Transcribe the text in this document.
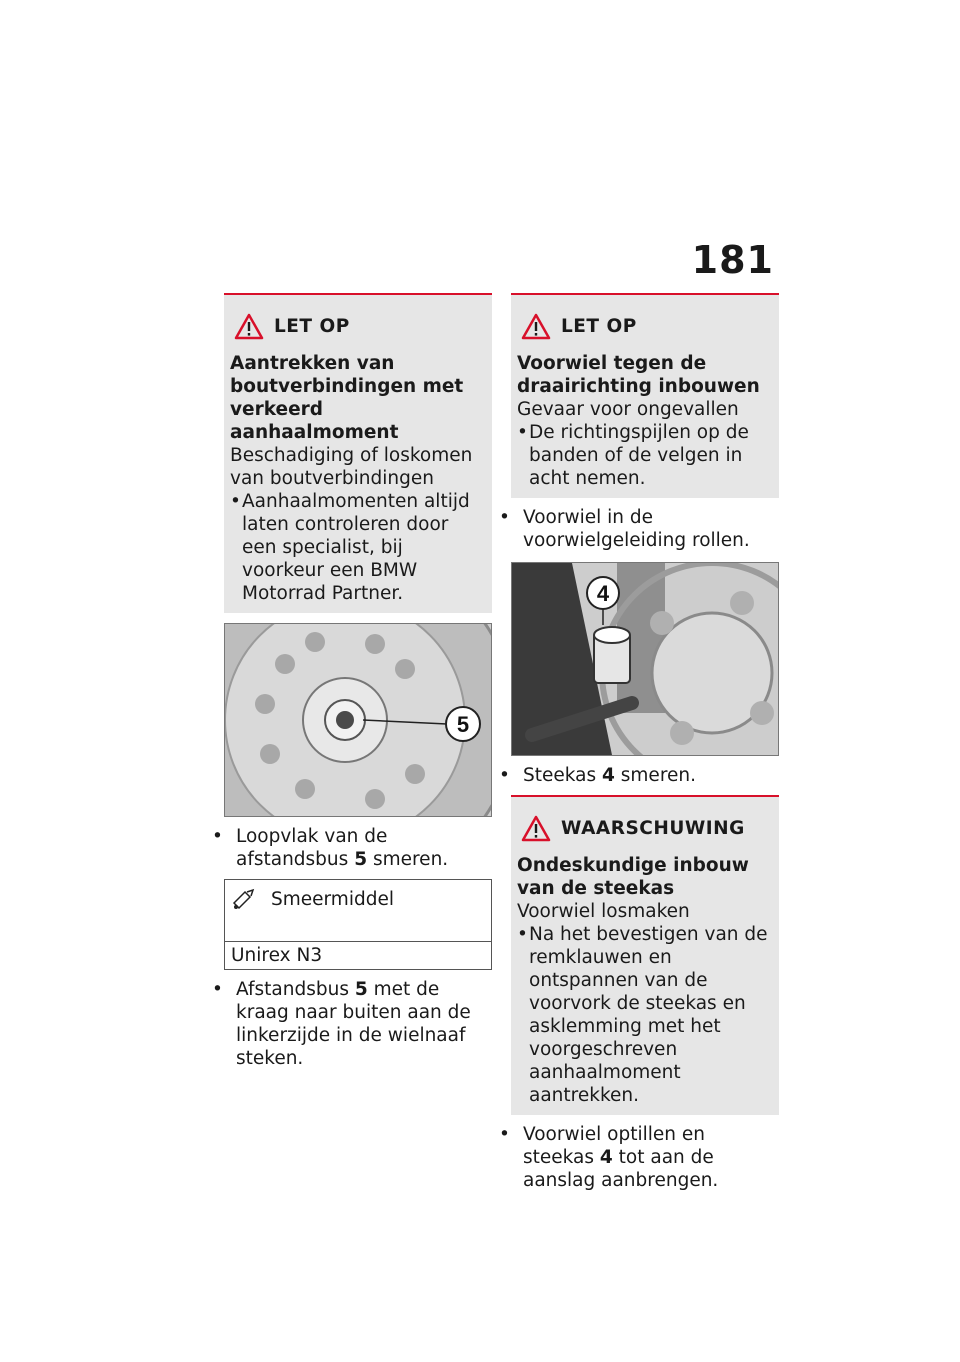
181
LET OP
Aantrekken van boutverbindingen met verkeerd aanhaalmoment
Beschadiging of loskomen van boutverbindingen
• Aanhaalmomenten altijd laten controleren door een specialist, bij voorkeur een BMW Motorrad Partner.
5
• Loopvlak van de afstandsbus 5 smeren.
Smeermiddel
Unirex N3
• Afstandsbus 5 met de kraag naar buiten aan de linkerzijde in de wielnaaf steken.
LET OP
Voorwiel tegen de draairichting inbouwen
Gevaar voor ongevallen
• De richtingspijlen op de banden of de velgen in acht nemen.
• Voorwiel in de voorwielgeleiding rollen.
4
• Steekas 4 smeren.
WAARSCHUWING
Ondeskundige inbouw van de steekas
Voorwiel losmaken
• Na het bevestigen van de remklauwen en ontspannen van de voorvork de steekas en asklemming met het voorgeschreven aanhaalmoment aantrekken.
• Voorwiel optillen en steekas 4 tot aan de aanslag aanbrengen.
